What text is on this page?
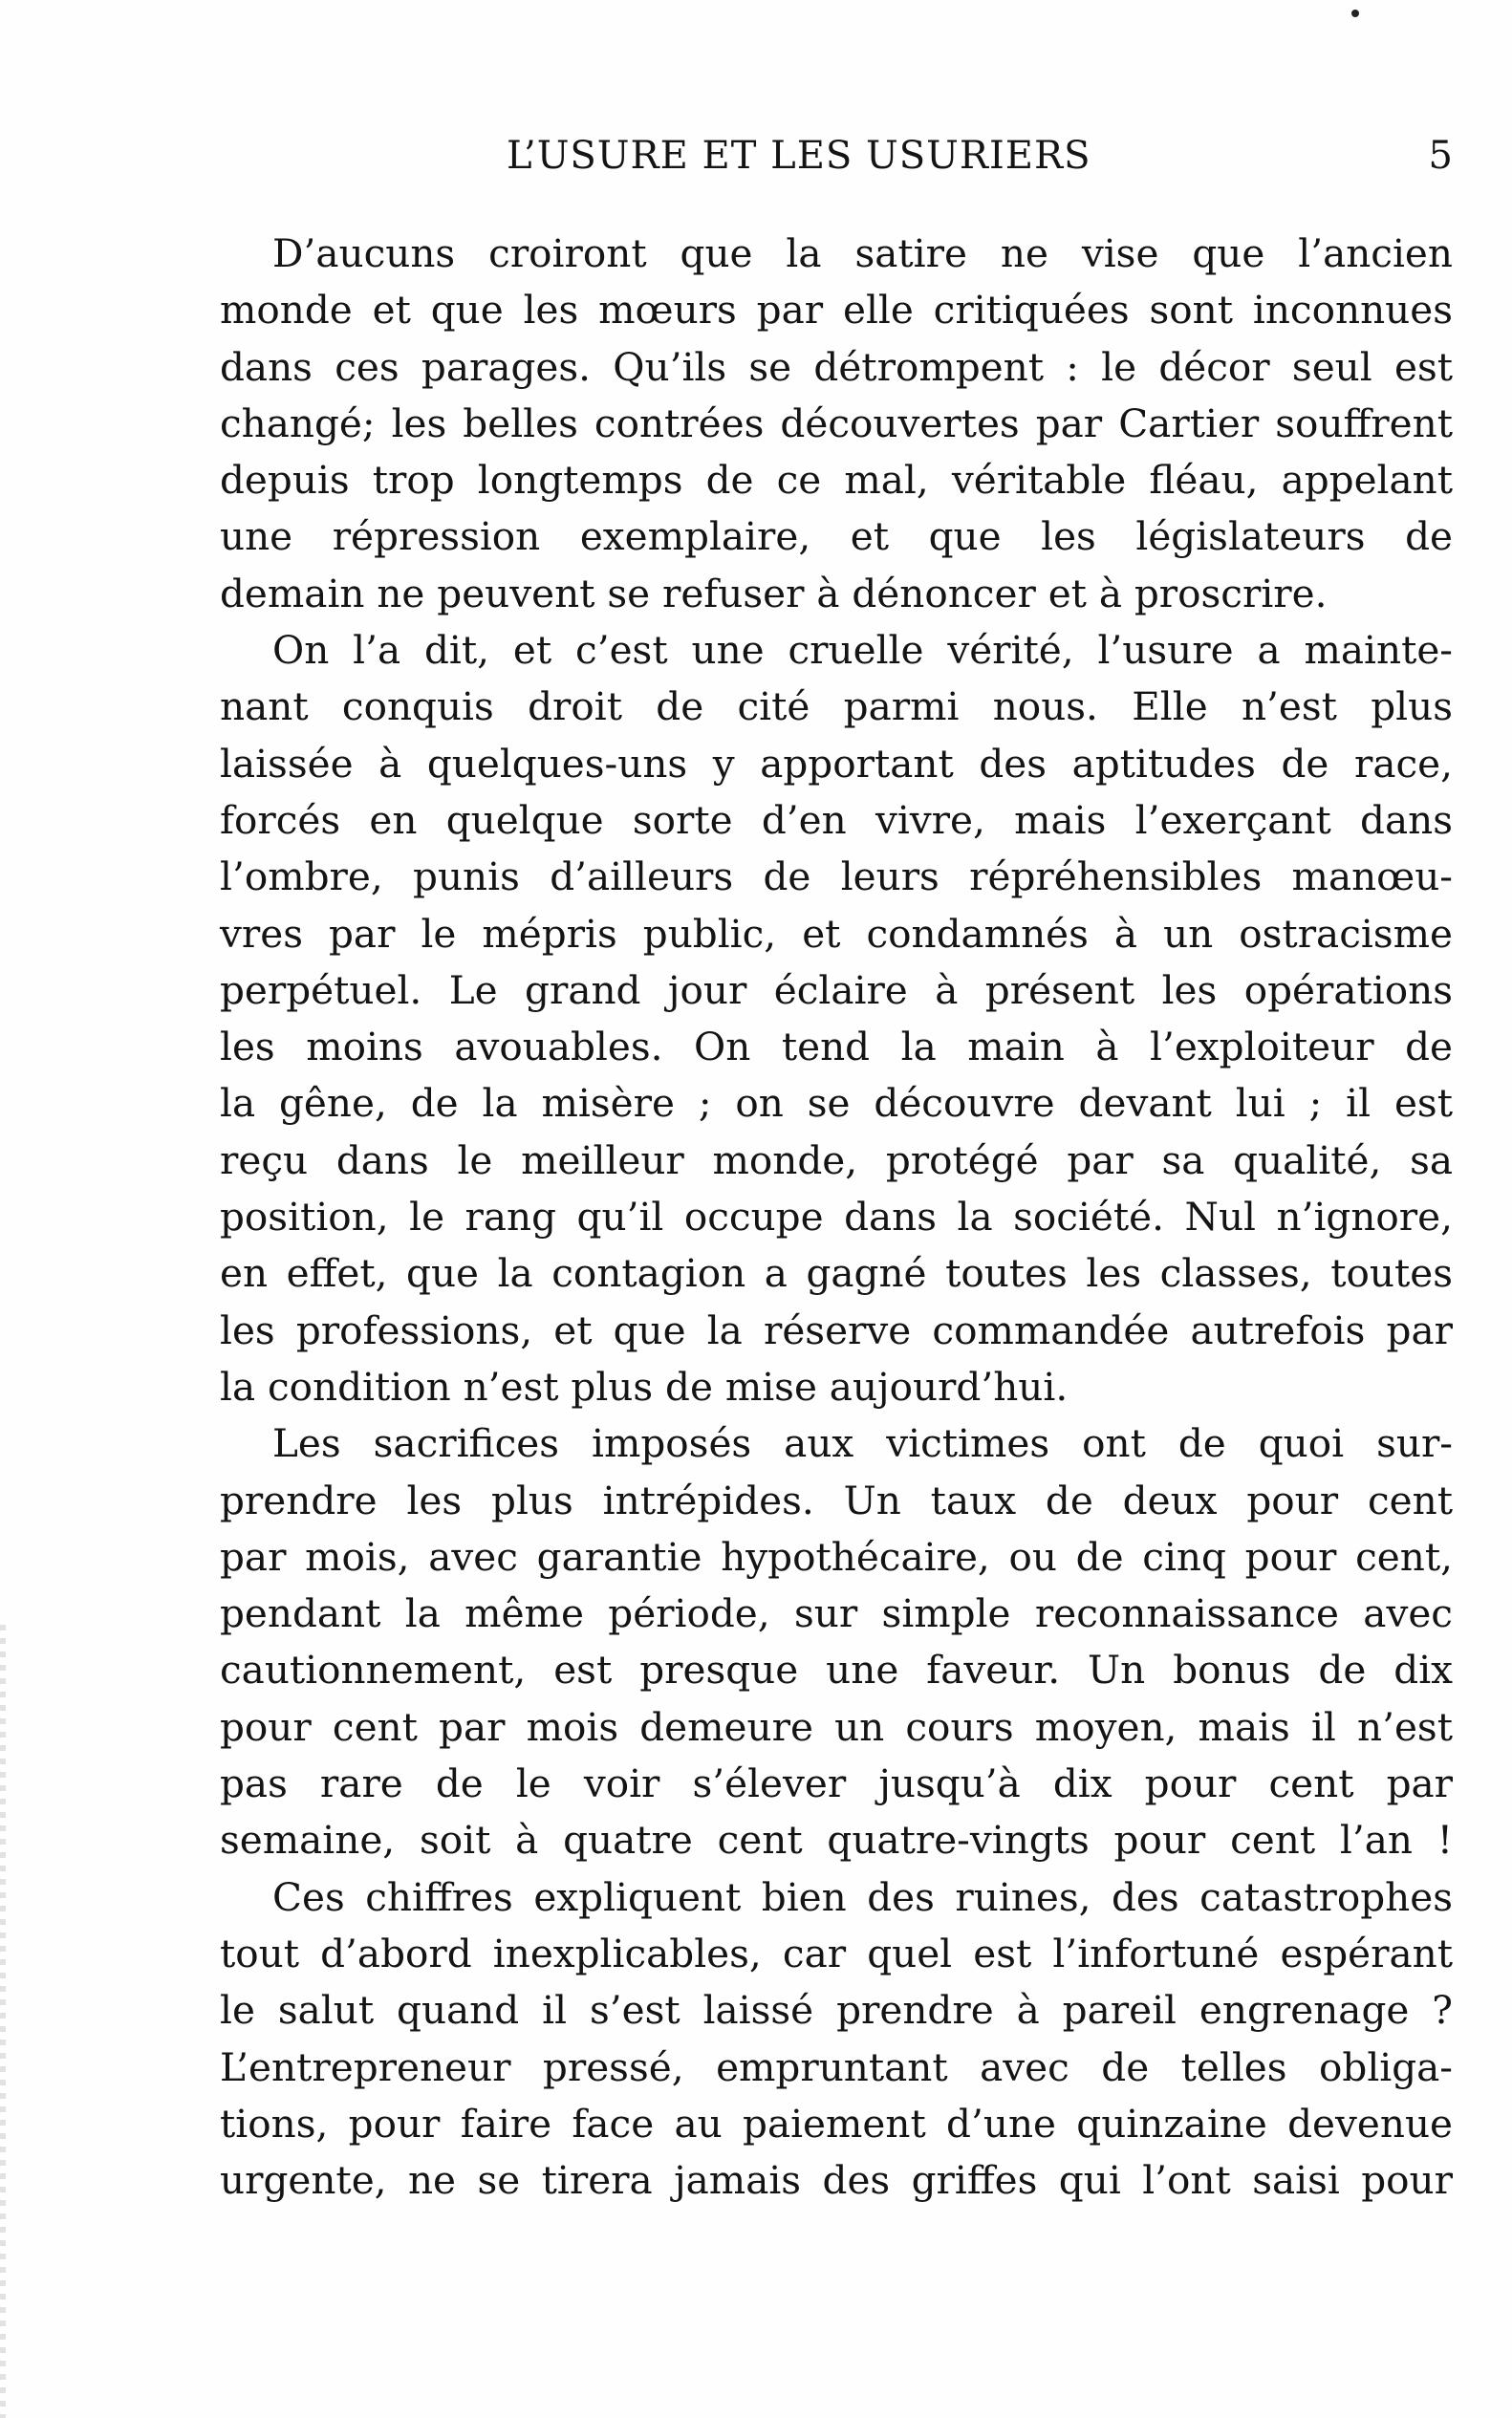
L’USURE ET LES USURIERS	5
D’aucuns croiront que la satire ne vise que l’ancien
monde et que les mœurs par elle critiquées sont inconnues
dans ces parages. Qu’ils se détrompent : le décor seul est
changé; les belles contrées découvertes par Cartier souffrent
depuis trop longtemps de ce mal, véritable fléau, appelant
une répression exemplaire, et que les législateurs de
demain ne peuvent se refuser à dénoncer et à proscrire.
On l’a dit, et c’est une cruelle vérité, l’usure a mainte-
nant conquis droit de cité parmi nous. Elle n’est plus
laissée à quelques-uns y apportant des aptitudes de race,
forcés en quelque sorte d’en vivre, mais l’exerçant dans
l’ombre, punis d’ailleurs de leurs répréhensibles manœu-
vres par le mépris public, et condamnés à un ostracisme
perpétuel. Le grand jour éclaire à présent les opérations
les moins avouables. On tend la main à l’exploiteur de
la gêne, de la misère ; on se découvre devant lui ; il est
reçu dans le meilleur monde, protégé par sa qualité, sa
position, le rang qu’il occupe dans la société. Nul n’ignore,
en effet, que la contagion a gagné toutes les classes, toutes
les professions, et que la réserve commandée autrefois par
la condition n’est plus de mise aujourd’hui.
Les sacrifices imposés aux victimes ont de quoi sur-
prendre les plus intrépides. Un taux de deux pour cent
par mois, avec garantie hypothécaire, ou de cinq pour cent,
pendant la même période, sur simple reconnaissance avec
cautionnement, est presque une faveur. Un bonus de dix
pour cent par mois demeure un cours moyen, mais il n’est
pas rare de le voir s’élever jusqu’à dix pour cent par
semaine, soit à quatre cent quatre-vingts pour cent l’an !
Ces chiffres expliquent bien des ruines, des catastrophes
tout d’abord inexplicables, car quel est l’infortuné espérant
le salut quand il s’est laissé prendre à pareil engrenage ?
L’entrepreneur pressé, empruntant avec de telles obliga-
tions, pour faire face au paiement d’une quinzaine devenue
urgente, ne se tirera jamais des griffes qui l’ont saisi pour
